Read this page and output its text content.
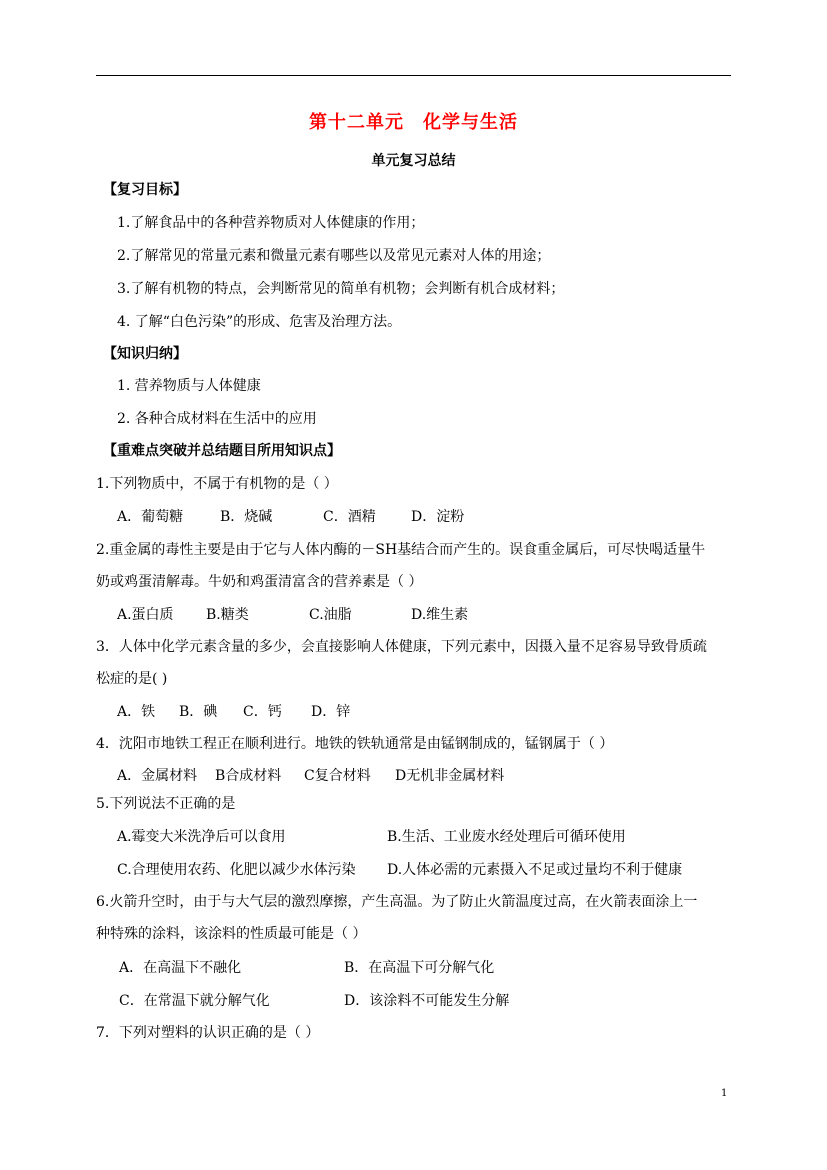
第十二单元　化学与生活
单元复习总结
【复习目标】
1.了解食品中的各种营养物质对人体健康的作用；
2.了解常见的常量元素和微量元素有哪些以及常见元素对人体的用途；
3.了解有机物的特点，会判断常见的简单有机物；会判断有机合成材料；
4. 了解“白色污染”的形成、危害及治理方法。
【知识归纳】
1. 营养物质与人体健康
2. 各种合成材料在生活中的应用
【重难点突破并总结题目所用知识点】
1.下列物质中，不属于有机物的是（ ）
A．葡萄糖	B．烧碱	C．酒精	D．淀粉
2.重金属的毒性主要是由于它与人体内酶的－SH基结合而产生的。误食重金属后，可尽快喝适量牛
奶或鸡蛋清解毒。牛奶和鸡蛋清富含的营养素是（ ）
A.蛋白质 B.糖类	C.油脂	D.维生素
3．人体中化学元素含量的多少，会直接影响人体健康，下列元素中，因摄入量不足容易导致骨质疏
松症的是( )
A．铁 B．碘 C．钙 D．锌
4．沈阳市地铁工程正在顺利进行。地铁的铁轨通常是由锰钢制成的，锰钢属于（ ）
A．金属材料 B合成材料 C复合材料 D无机非金属材料
5.下列说法不正确的是
A.霉变大米洗净后可以食用	B.生活、工业废水经处理后可循环使用
C.合理使用农药、化肥以减少水体污染 D.人体必需的元素摄入不足或过量均不利于健康
6.火箭升空时，由于与大气层的激烈摩擦，产生高温。为了防止火箭温度过高，在火箭表面涂上一
种特殊的涂料，该涂料的性质最可能是（ ）
A．在高温下不融化	B．在高温下可分解气化
C．在常温下就分解气化	D．该涂料不可能发生分解
7．下列对塑料的认识正确的是（ ）
1
